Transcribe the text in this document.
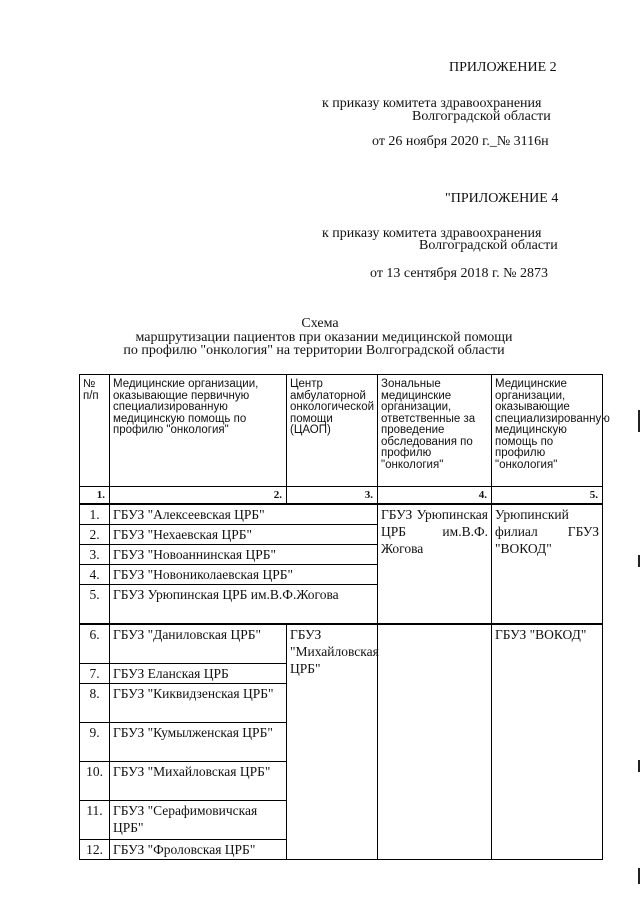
ПРИЛОЖЕНИЕ 2
к приказу комитета здравоохранения
Волгоградской области
от 26 ноября 2020 г._№ 3116н
"ПРИЛОЖЕНИЕ 4
к приказу комитета здравоохранения
Волгоградской области
от 13 сентября 2018 г. № 2873
Схема
маршрутизации пациентов при оказании медицинской помощи
по профилю "онкология" на территории Волгоградской области
№ п/п	Медицинские организации, оказывающие первичную специализированную медицинскую помощь по профилю "онкология"	Центр амбулаторной онкологической помощи (ЦАОП)	Зональные медицинские организации, ответственные за проведение обследования по профилю "онкология"	Медицинские организации, оказывающие специализированную медицинскую помощь по профилю "онкология"
1.	2.	3.	4.	5.
1.	ГБУЗ "Алексеевская ЦРБ"		ГБУЗ Урюпинская ЦРБ им.В.Ф. Жогова	Урюпинский филиал ГБУЗ "ВОКОД"
2.	ГБУЗ "Нехаевская ЦРБ"			
3.	ГБУЗ "Новоаннинская ЦРБ"			
4.	ГБУЗ "Новониколаевская ЦРБ"			
5.	ГБУЗ Урюпинская ЦРБ им.В.Ф.Жогова			
6.	ГБУЗ "Даниловская ЦРБ"	ГБУЗ "Михайловская ЦРБ"		ГБУЗ "ВОКОД"
7.	ГБУЗ Еланская ЦРБ			
8.	ГБУЗ "Киквидзенская ЦРБ"			
9.	ГБУЗ "Кумылженская ЦРБ"			
10.	ГБУЗ "Михайловская ЦРБ"			
11.	ГБУЗ "Серафимовичская ЦРБ"			
12.	ГБУЗ "Фроловская ЦРБ"			
